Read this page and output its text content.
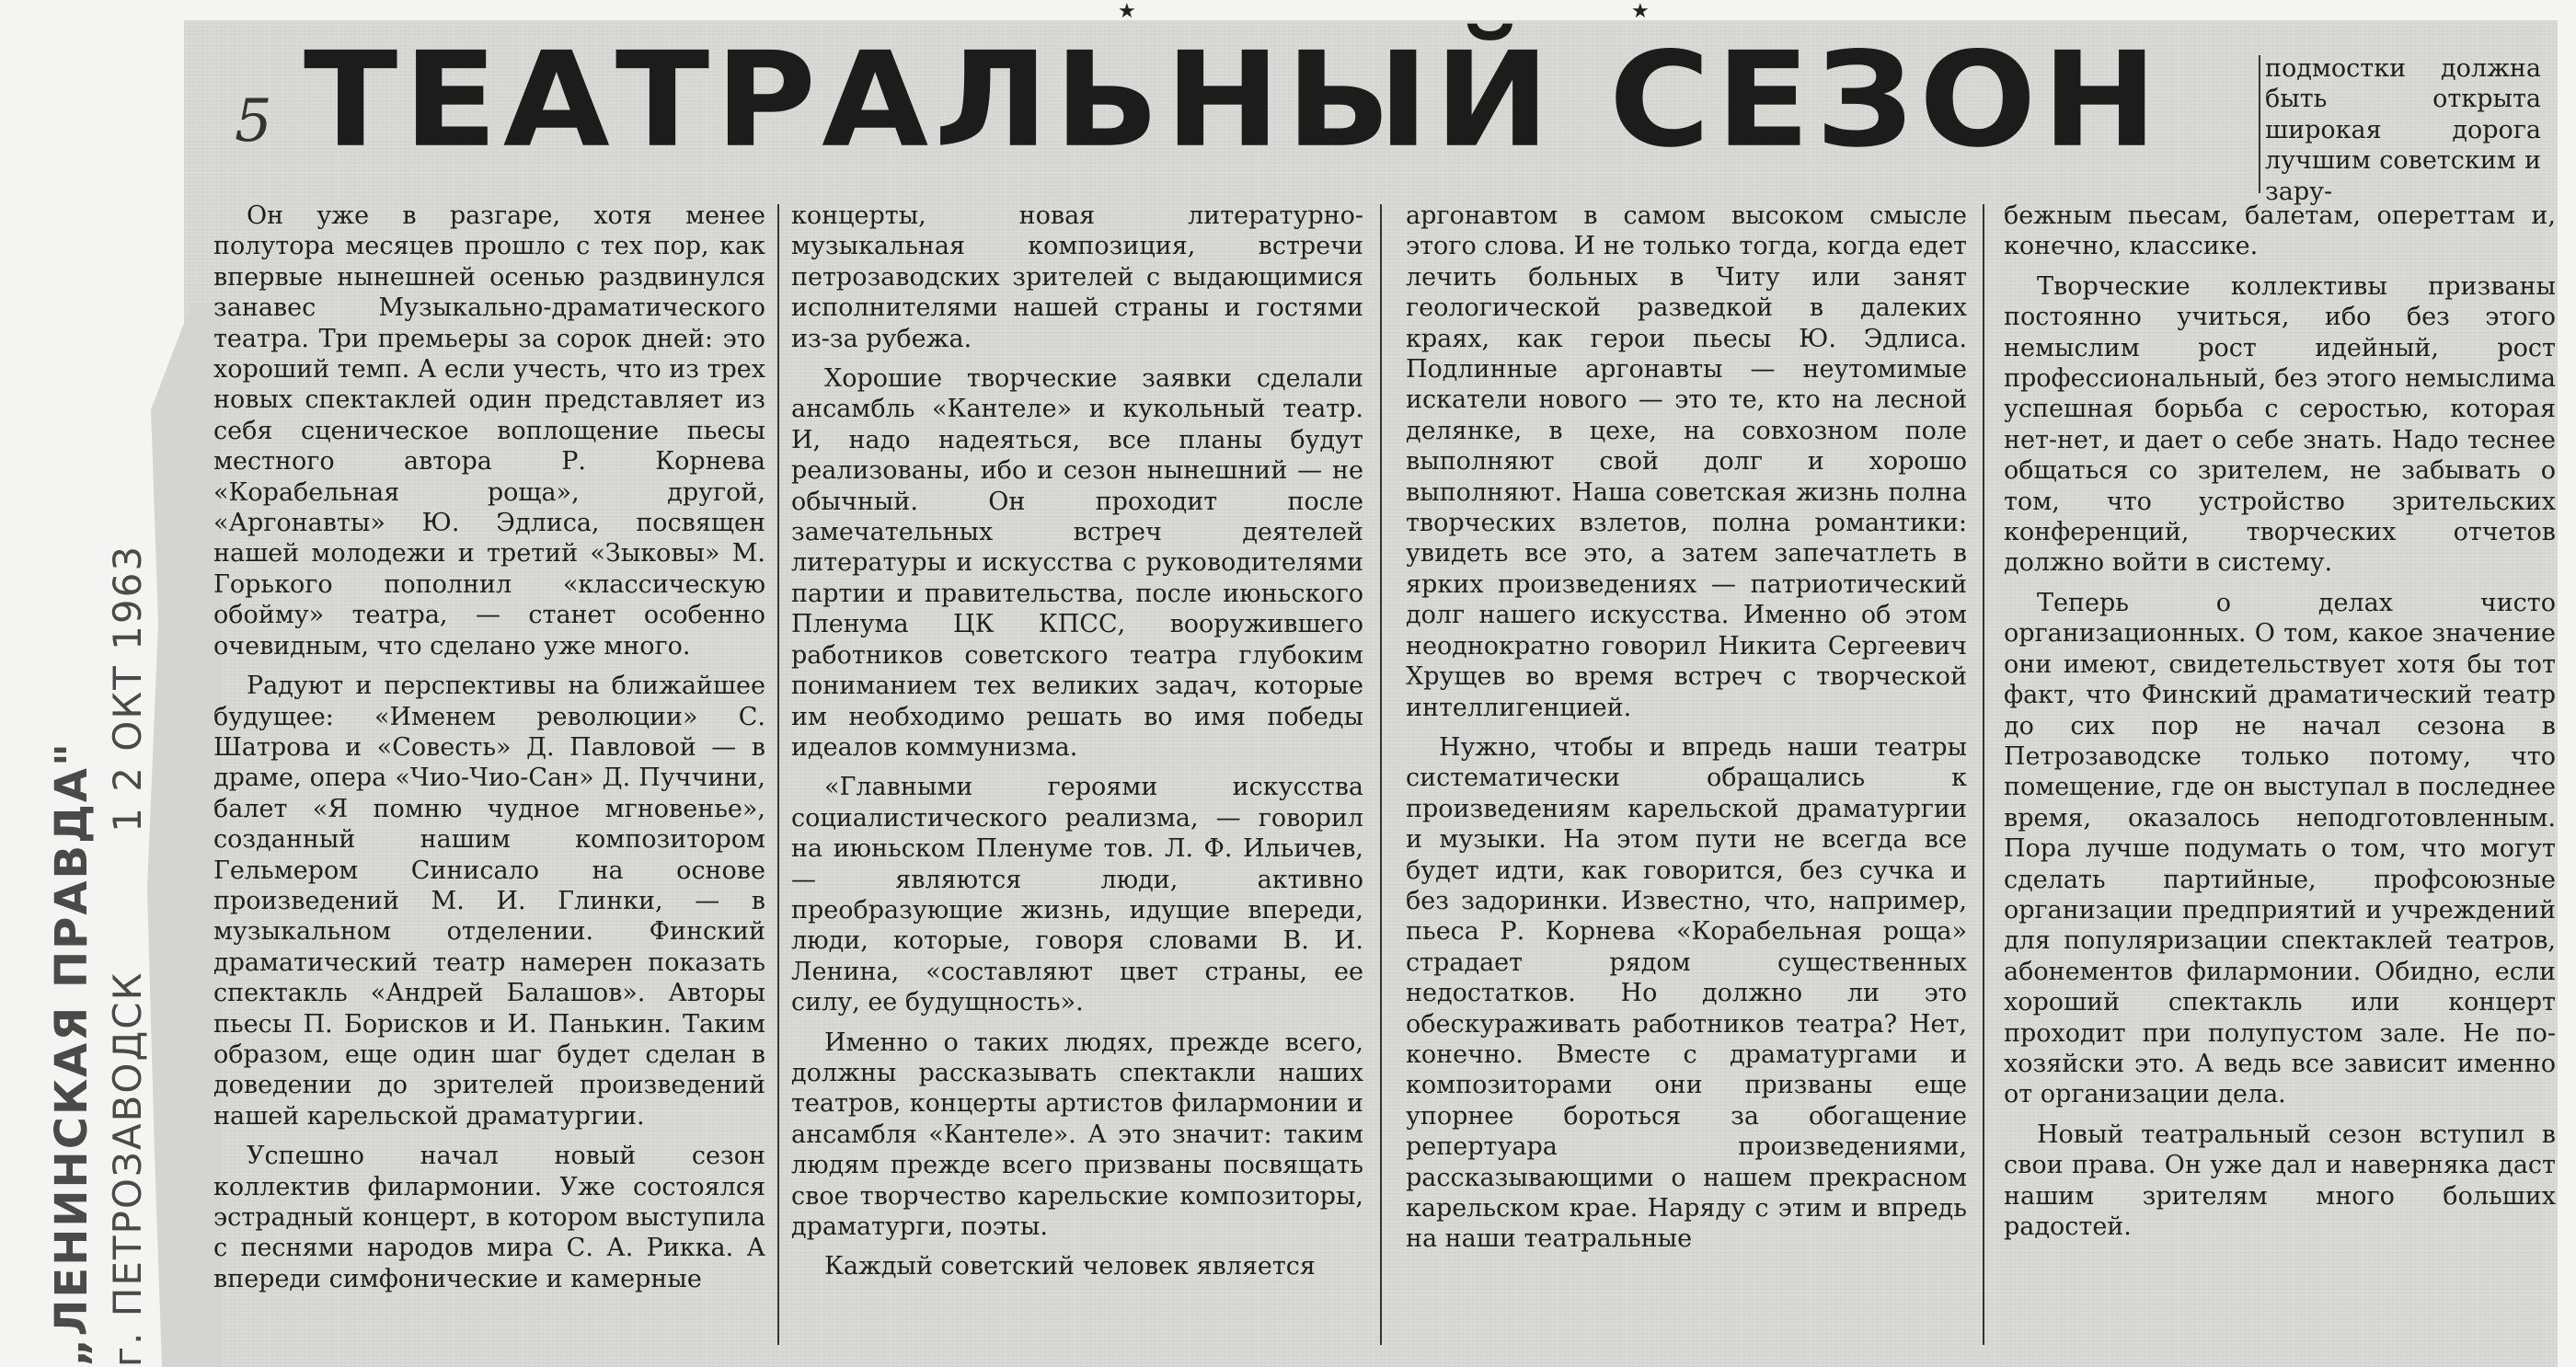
★	★
„ЛЕНИНСКАЯ ПРАВДА" г. ПЕТРОЗАВОДСК  1 2 ОКТ 1963
5 ТЕАТРАЛЬНЫЙ СЕЗОН	подмостки должна быть открыта широкая дорога лучшим советским и зару-

Он уже в разгаре, хотя менее полутора месяцев прошло с тех пор, как впервые нынешней осенью раздвинулся занавес Музыкально-драматического театра. Три премьеры за сорок дней: это хороший темп. А если учесть, что из трех новых спектаклей один представляет из себя сценическое воплощение пьесы местного автора Р. Корнева «Корабельная роща», другой, «Аргонавты» Ю. Эдлиса, посвящен нашей молодежи и третий «Зыковы» М. Горького пополнил «классическую обойму» театра, — станет особенно очевидным, что сделано уже много.

Радуют и перспективы на ближайшее будущее: «Именем революции» С. Шатрова и «Совесть» Д. Павловой — в драме, опера «Чио-Чио-Сан» Д. Пуччини, балет «Я помню чудное мгновенье», созданный нашим композитором Гельмером Синисало на основе произведений М. И. Глинки, — в музыкальном отделении. Финский драматический театр намерен показать спектакль «Андрей Балашов». Авторы пьесы П. Борисков и И. Панькин. Таким образом, еще один шаг будет сделан в доведении до зрителей произведений нашей карельской драматургии.

Успешно начал новый сезон коллектив филармонии. Уже состоялся эстрадный концерт, в котором выступила с песнями народов мира С. А. Рикка. А впереди симфонические и камерные

концерты, новая литературно-музыкальная композиция, встречи петрозаводских зрителей с выдающимися исполнителями нашей страны и гостями из-за рубежа.

Хорошие творческие заявки сделали ансамбль «Кантеле» и кукольный театр. И, надо надеяться, все планы будут реализованы, ибо и сезон нынешний — не обычный. Он проходит после замечательных встреч деятелей литературы и искусства с руководителями партии и правительства, после июньского Пленума ЦК КПСС, вооружившего работников советского театра глубоким пониманием тех великих задач, которые им необходимо решать во имя победы идеалов коммунизма.

«Главными героями искусства социалистического реализма, — говорил на июньском Пленуме тов. Л. Ф. Ильичев, — являются люди, активно преобразующие жизнь, идущие впереди, люди, которые, говоря словами В. И. Ленина, «составляют цвет страны, ее силу, ее будущность».

Именно о таких людях, прежде всего, должны рассказывать спектакли наших театров, концерты артистов филармонии и ансамбля «Кантеле». А это значит: таким людям прежде всего призваны посвящать свое творчество карельские композиторы, драматурги, поэты.

Каждый советский человек является

аргонавтом в самом высоком смысле этого слова. И не только тогда, когда едет лечить больных в Читу или занят геологической разведкой в далеких краях, как герои пьесы Ю. Эдлиса. Подлинные аргонавты — неутомимые искатели нового — это те, кто на лесной делянке, в цехе, на совхозном поле выполняют свой долг и хорошо выполняют. Наша советская жизнь полна творческих взлетов, полна романтики: увидеть все это, а затем запечатлеть в ярких произведениях — патриотический долг нашего искусства. Именно об этом неоднократно говорил Никита Сергеевич Хрущев во время встреч с творческой интеллигенцией.

Нужно, чтобы и впредь наши театры систематически обращались к произведениям карельской драматургии и музыки. На этом пути не всегда все будет идти, как говорится, без сучка и без задоринки. Известно, что, например, пьеса Р. Корнева «Корабельная роща» страдает рядом существенных недостатков. Но должно ли это обескураживать работников театра? Нет, конечно. Вместе с драматургами и композиторами они призваны еще упорнее бороться за обогащение репертуара произведениями, рассказывающими о нашем прекрасном карельском крае. Наряду с этим и впредь на наши театральные

бежным пьесам, балетам, опереттам и, конечно, классике.

Творческие коллективы призваны постоянно учиться, ибо без этого немыслим рост идейный, рост профессиональный, без этого немыслима успешная борьба с серостью, которая нет-нет, и дает о себе знать. Надо теснее общаться со зрителем, не забывать о том, что устройство зрительских конференций, творческих отчетов должно войти в систему.

Теперь о делах чисто организационных. О том, какое значение они имеют, свидетельствует хотя бы тот факт, что Финский драматический театр до сих пор не начал сезона в Петрозаводске только потому, что помещение, где он выступал в последнее время, оказалось неподготовленным. Пора лучше подумать о том, что могут сделать партийные, профсоюзные организации предприятий и учреждений для популяризации спектаклей театров, абонементов филармонии. Обидно, если хороший спектакль или концерт проходит при полупустом зале. Не по-хозяйски это. А ведь все зависит именно от организации дела.

Новый театральный сезон вступил в свои права. Он уже дал и наверняка даст нашим зрителям много больших радостей.
